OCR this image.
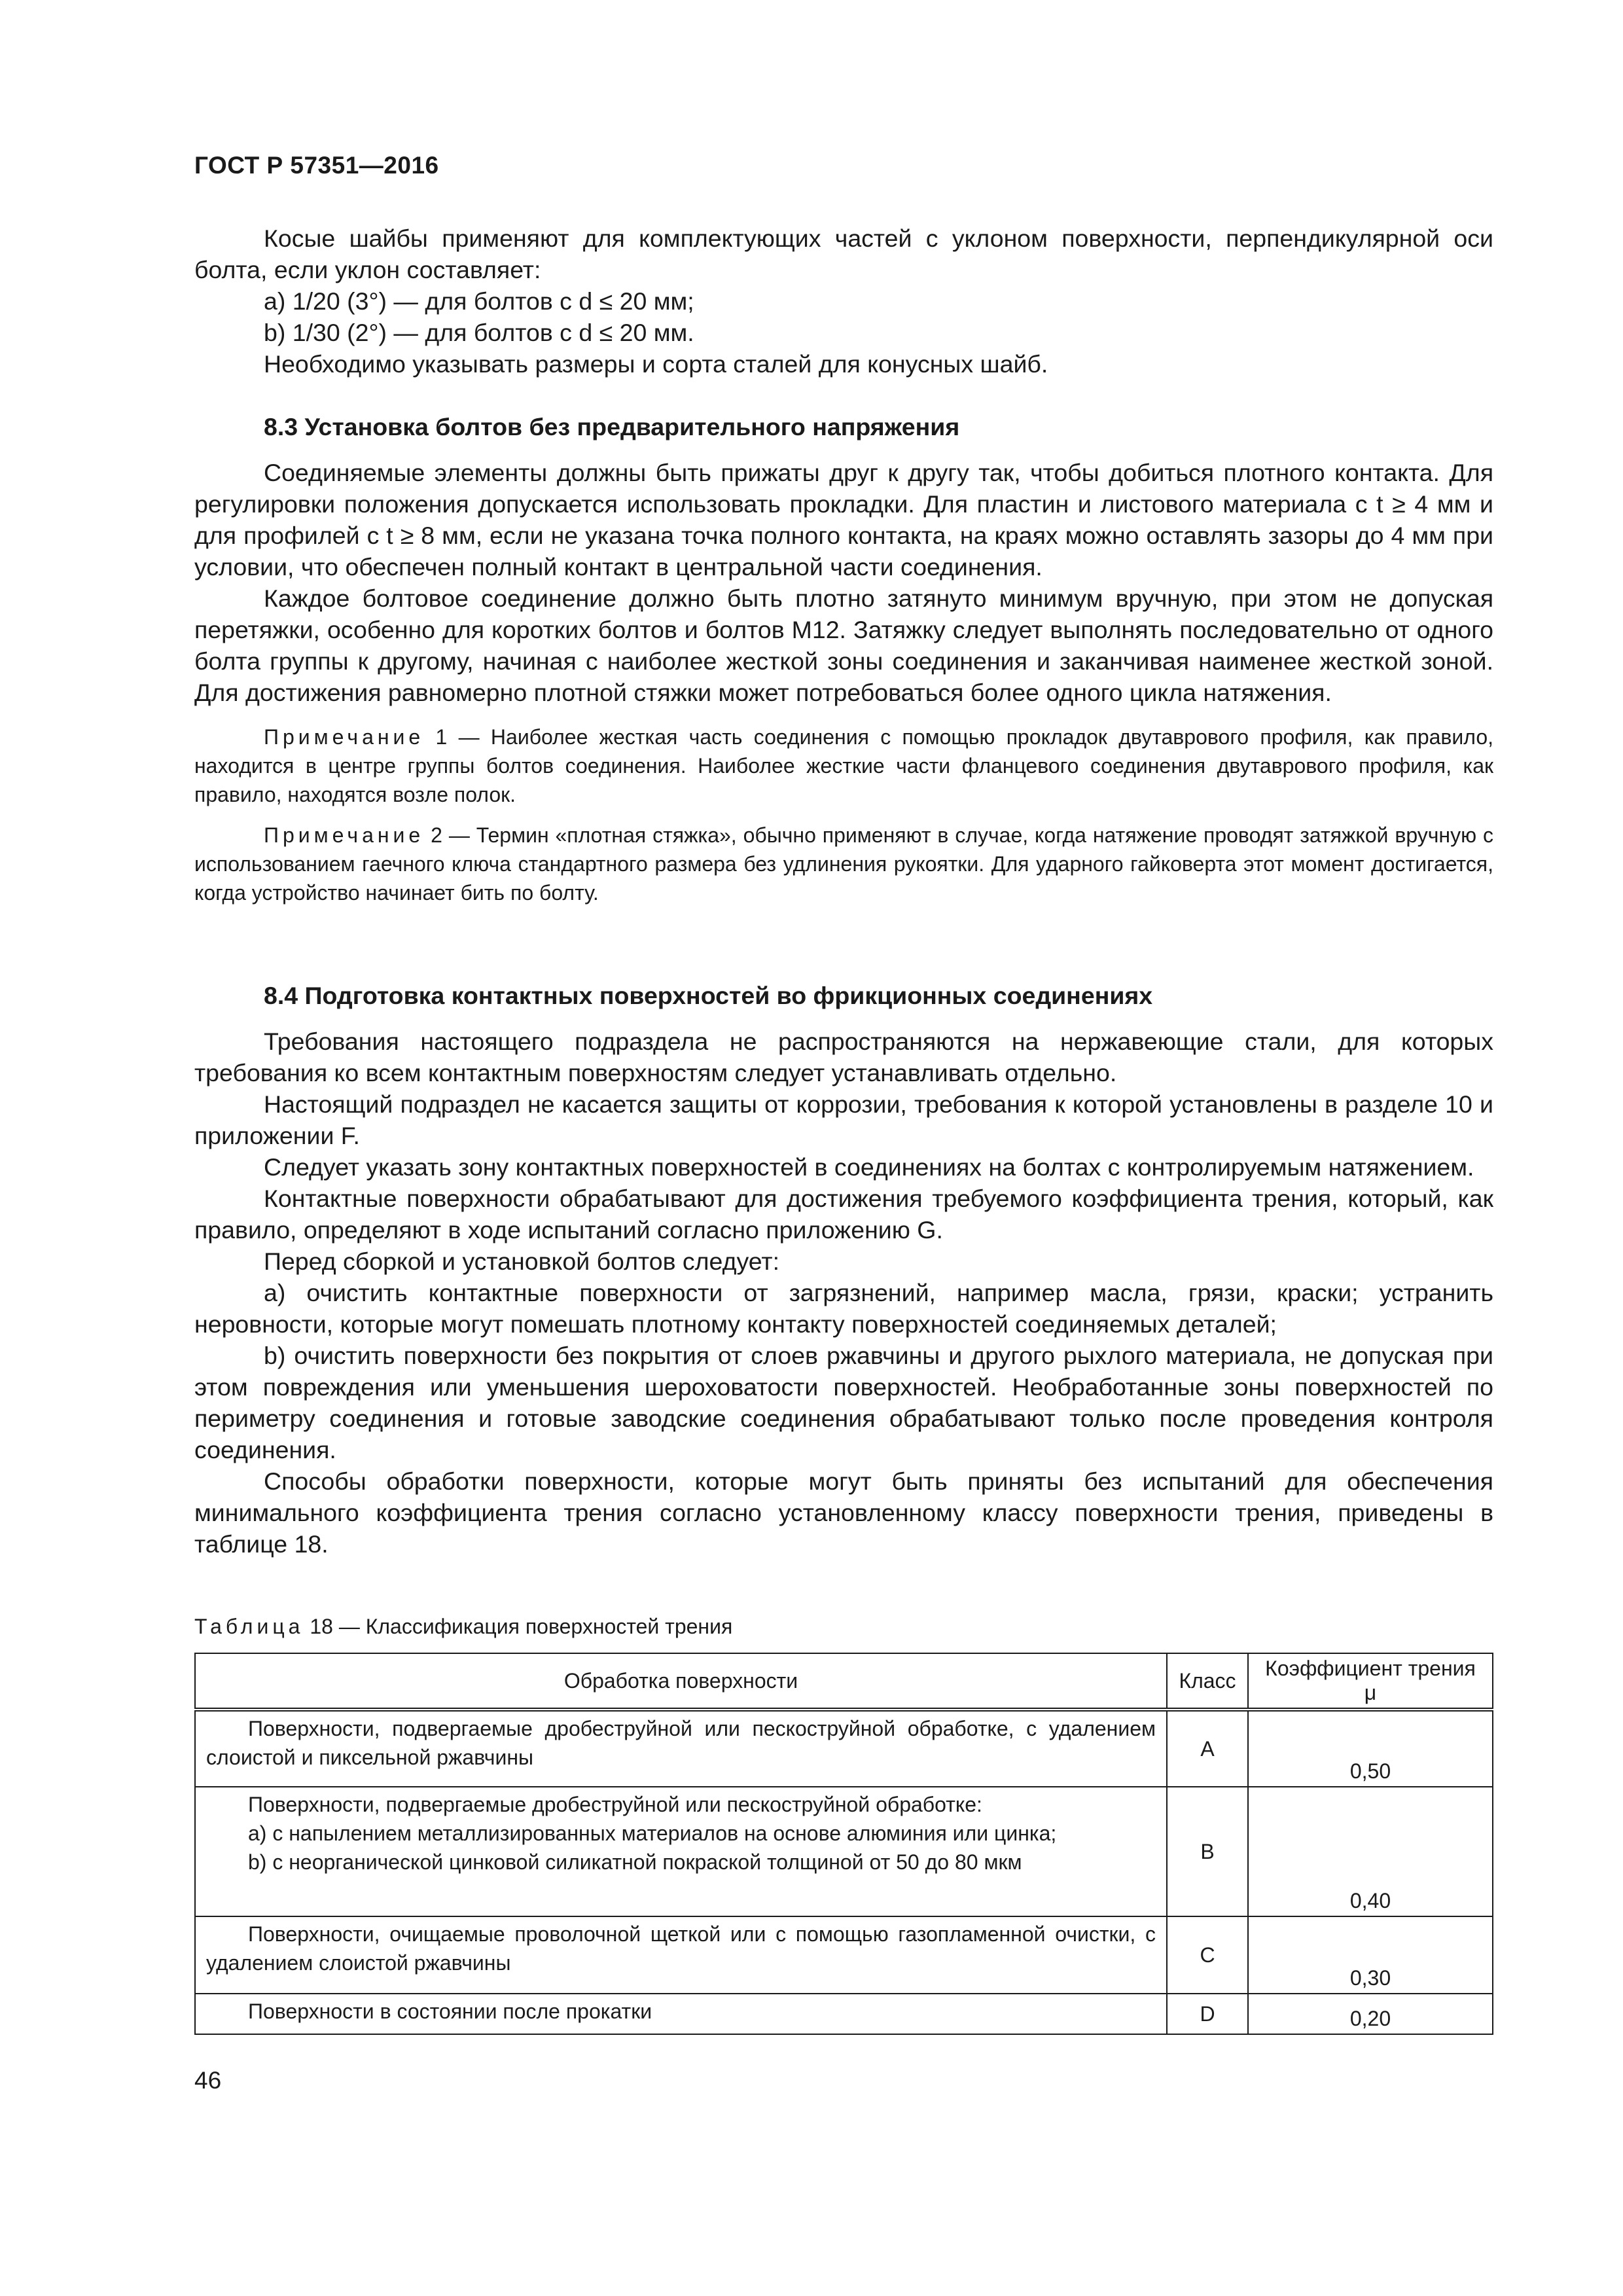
ГОСТ Р 57351—2016

Косые шайбы применяют для комплектующих частей с уклоном поверхности, перпендикулярной оси болта, если уклон составляет:

a) 1/20 (3°) — для болтов с d ≤ 20 мм;

b) 1/30 (2°) — для болтов с d ≤ 20 мм.

Необходимо указывать размеры и сорта сталей для конусных шайб.

8.3 Установка болтов без предварительного напряжения

Соединяемые элементы должны быть прижаты друг к другу так, чтобы добиться плотного контакта. Для регулировки положения допускается использовать прокладки. Для пластин и листового материала с t ≥ 4 мм и для профилей с t ≥ 8 мм, если не указана точка полного контакта, на краях можно оставлять зазоры до 4 мм при условии, что обеспечен полный контакт в центральной части соединения.

Каждое болтовое соединение должно быть плотно затянуто минимум вручную, при этом не допуская перетяжки, особенно для коротких болтов и болтов М12. Затяжку следует выполнять последовательно от одного болта группы к другому, начиная с наиболее жесткой зоны соединения и заканчивая наименее жесткой зоной. Для достижения равномерно плотной стяжки может потребоваться более одного цикла натяжения.

Примечание 1 — Наиболее жесткая часть соединения с помощью прокладок двутаврового профиля, как правило, находится в центре группы болтов соединения. Наиболее жесткие части фланцевого соединения двутаврового профиля, как правило, находятся возле полок.

Примечание 2 — Термин «плотная стяжка», обычно применяют в случае, когда натяжение проводят затяжкой вручную с использованием гаечного ключа стандартного размера без удлинения рукоятки. Для ударного гайковерта этот момент достигается, когда устройство начинает бить по болту.

8.4 Подготовка контактных поверхностей во фрикционных соединениях

Требования настоящего подраздела не распространяются на нержавеющие стали, для которых требования ко всем контактным поверхностям следует устанавливать отдельно.

Настоящий подраздел не касается защиты от коррозии, требования к которой установлены в разделе 10 и приложении F.

Следует указать зону контактных поверхностей в соединениях на болтах с контролируемым натяжением.

Контактные поверхности обрабатывают для достижения требуемого коэффициента трения, который, как правило, определяют в ходе испытаний согласно приложению G.

Перед сборкой и установкой болтов следует:

a) очистить контактные поверхности от загрязнений, например масла, грязи, краски; устранить неровности, которые могут помешать плотному контакту поверхностей соединяемых деталей;

b) очистить поверхности без покрытия от слоев ржавчины и другого рыхлого материала, не допуская при этом повреждения или уменьшения шероховатости поверхностей. Необработанные зоны поверхностей по периметру соединения и готовые заводские соединения обрабатывают только после проведения контроля соединения.

Способы обработки поверхности, которые могут быть приняты без испытаний для обеспечения минимального коэффициента трения согласно установленному классу поверхности трения, приведены в таблице 18.

Таблица 18 — Классификация поверхностей трения

Обработка поверхности	Класс	Коэффициент трения μ

Поверхности, подвергаемые дробеструйной или пескоструйной обработке, с удалением слоистой и пиксельной ржавчины	A	0,50

Поверхности, подвергаемые дробеструйной или пескоструйной обработке:
a) с напылением металлизированных материалов на основе алюминия или цинка;
b) с неорганической цинковой силикатной покраской толщиной от 50 до 80 мкм	B	0,40

Поверхности, очищаемые проволочной щеткой или с помощью газопламенной очистки, с удалением слоистой ржавчины	C	0,30

Поверхности в состоянии после прокатки	D	0,20
46
